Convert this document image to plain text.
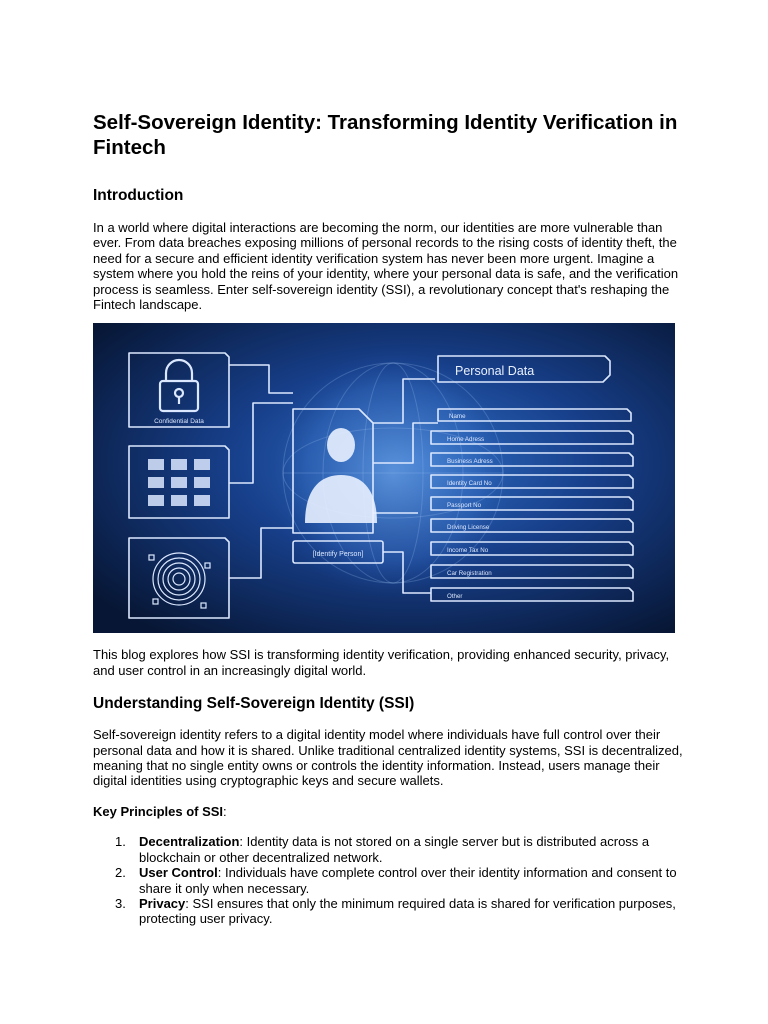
Self-Sovereign Identity: Transforming Identity Verification in Fintech
Introduction

In a world where digital interactions are becoming the norm, our identities are more vulnerable than ever. From data breaches exposing millions of personal records to the rising costs of identity theft, the need for a secure and efficient identity verification system has never been more urgent. Imagine a system where you hold the reins of your identity, where your personal data is safe, and the verification process is seamless. Enter self-sovereign identity (SSI), a revolutionary concept that's reshaping the Fintech landscape.

Confidential Data
[Identify Person]
Personal Data
Name
Home Adress
Business Adress
Identity Card No
Passport No
Driving License
Income Tax No
Car Registration
Other

This blog explores how SSI is transforming identity verification, providing enhanced security, privacy, and user control in an increasingly digital world.

Understanding Self-Sovereign Identity (SSI)

Self-sovereign identity refers to a digital identity model where individuals have full control over their personal data and how it is shared. Unlike traditional centralized identity systems, SSI is decentralized, meaning that no single entity owns or controls the identity information. Instead, users manage their digital identities using cryptographic keys and secure wallets.

Key Principles of SSI:

1. Decentralization: Identity data is not stored on a single server but is distributed across a blockchain or other decentralized network.
2. User Control: Individuals have complete control over their identity information and consent to share it only when necessary.
3. Privacy: SSI ensures that only the minimum required data is shared for verification purposes, protecting user privacy.
